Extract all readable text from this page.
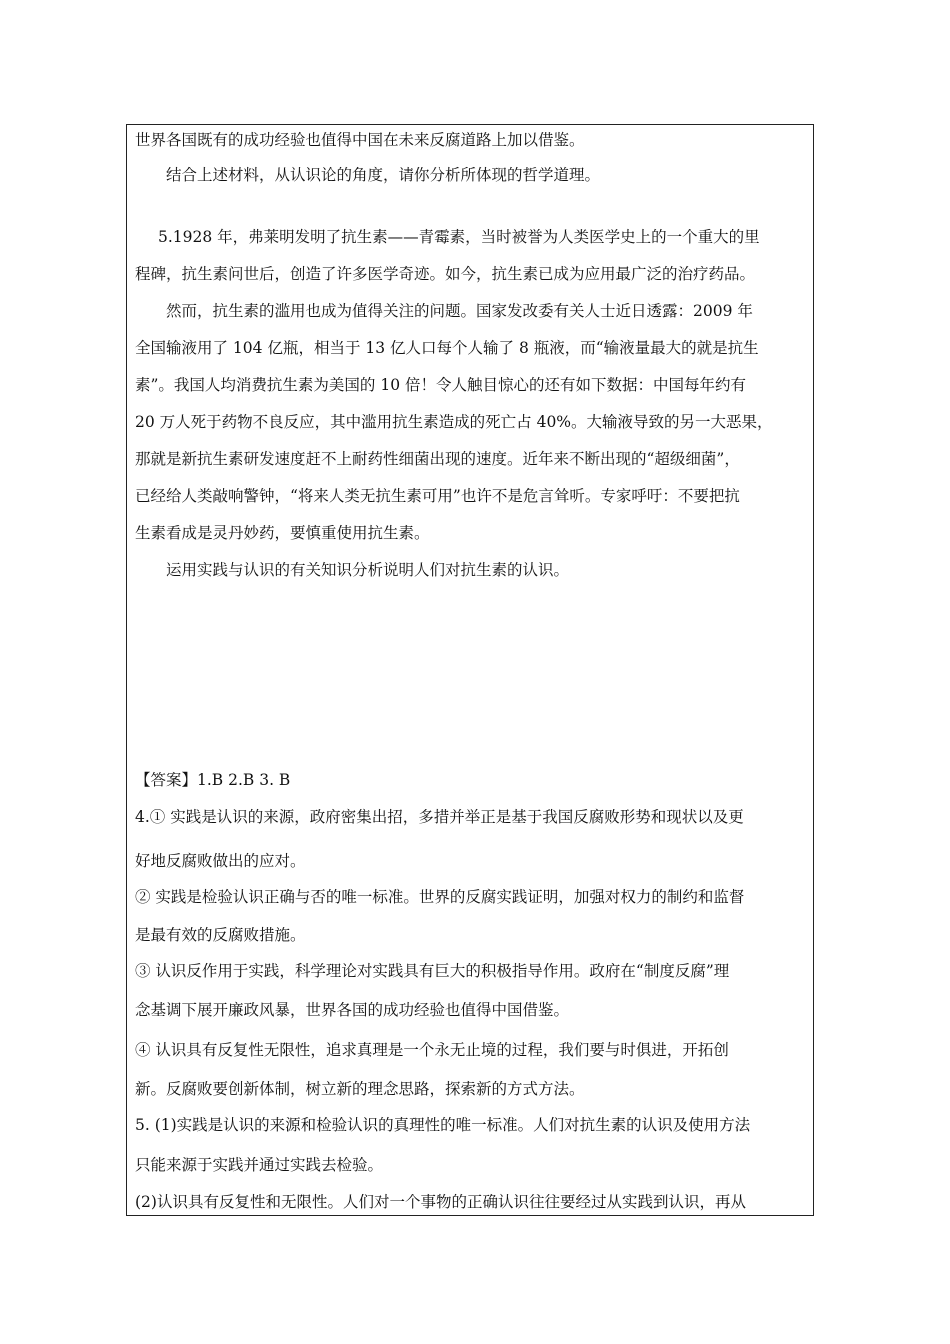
世界各国既有的成功经验也值得中国在未来反腐道路上加以借鉴。
结合上述材料，从认识论的角度，请你分析所体现的哲学道理。
5.1928 年，弗莱明发明了抗生素——青霉素，当时被誉为人类医学史上的一个重大的里
程碑，抗生素问世后，创造了许多医学奇迹。如今，抗生素已成为应用最广泛的治疗药品。
然而，抗生素的滥用也成为值得关注的问题。国家发改委有关人士近日透露：2009 年
全国输液用了 104 亿瓶，相当于 13 亿人口每个人输了 8 瓶液，而“输液量最大的就是抗生
素”。我国人均消费抗生素为美国的 10 倍！令人触目惊心的还有如下数据：中国每年约有
20 万人死于药物不良反应，其中滥用抗生素造成的死亡占 40%。大输液导致的另一大恶果，
那就是新抗生素研发速度赶不上耐药性细菌出现的速度。近年来不断出现的“超级细菌”，
已经给人类敲响警钟，“将来人类无抗生素可用”也许不是危言耸听。专家呼吁：不要把抗
生素看成是灵丹妙药，要慎重使用抗生素。
运用实践与认识的有关知识分析说明人们对抗生素的认识。
【答案】1.B 2.B 3. B
4.① 实践是认识的来源，政府密集出招，多措并举正是基于我国反腐败形势和现状以及更
好地反腐败做出的应对。
② 实践是检验认识正确与否的唯一标准。世界的反腐实践证明，加强对权力的制约和监督
是最有效的反腐败措施。
③ 认识反作用于实践，科学理论对实践具有巨大的积极指导作用。政府在“制度反腐”理
念基调下展开廉政风暴，世界各国的成功经验也值得中国借鉴。
④ 认识具有反复性无限性，追求真理是一个永无止境的过程，我们要与时俱进，开拓创
新。反腐败要创新体制，树立新的理念思路，探索新的方式方法。
5. (1)实践是认识的来源和检验认识的真理性的唯一标准。人们对抗生素的认识及使用方法
只能来源于实践并通过实践去检验。
(2)认识具有反复性和无限性。人们对一个事物的正确认识往往要经过从实践到认识，再从
